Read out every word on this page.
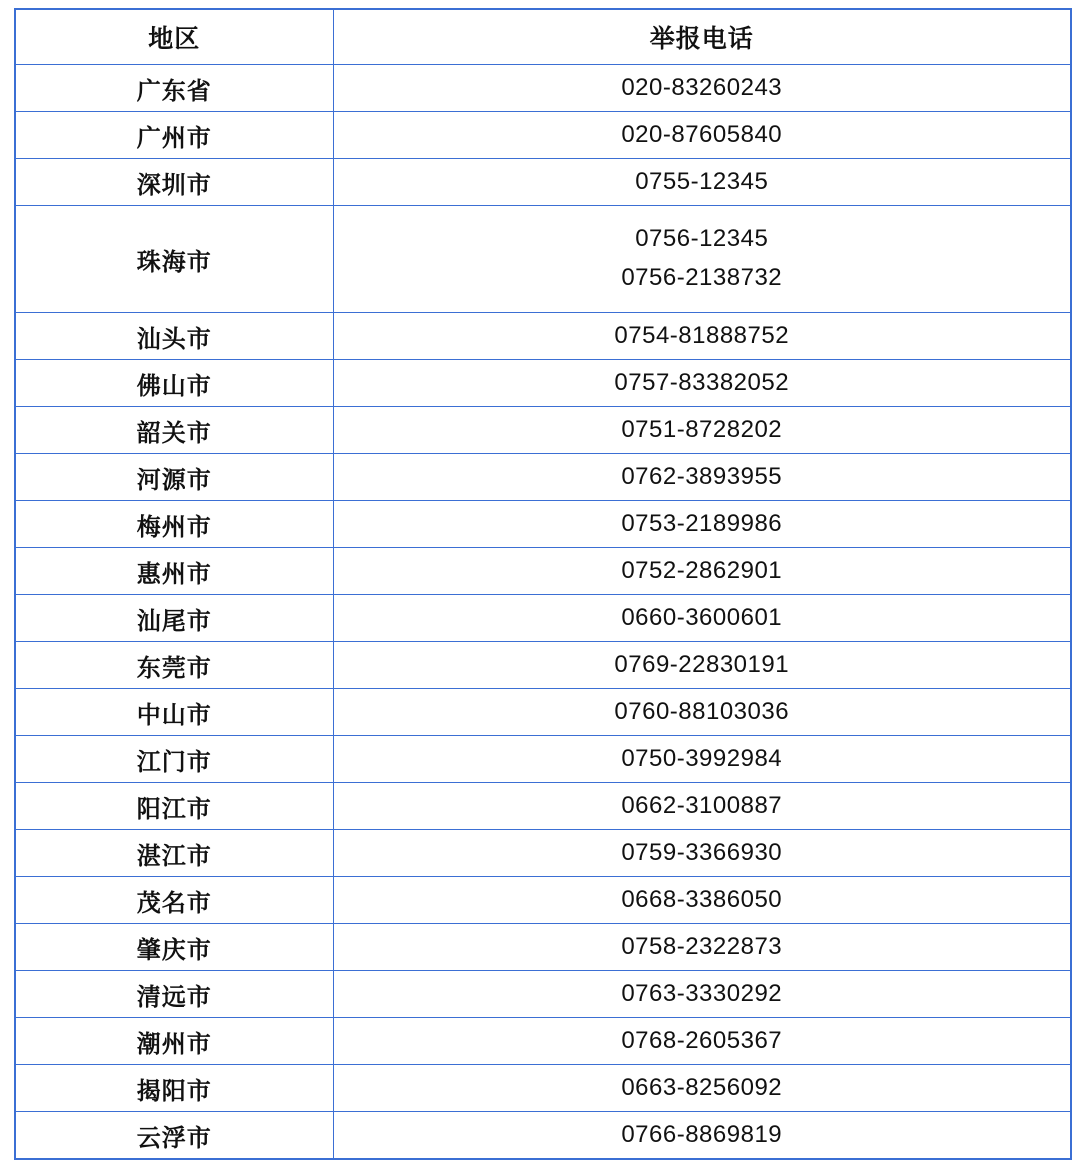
地区	举报电话
广东省	020-83260243
广州市	020-87605840
深圳市	0755-12345
珠海市	0756-12345
0756-2138732

汕头市	0754-81888752
佛山市	0757-83382052
韶关市	0751-8728202
河源市	0762-3893955
梅州市	0753-2189986
惠州市	0752-2862901
汕尾市	0660-3600601
东莞市	0769-22830191
中山市	0760-88103036
江门市	0750-3992984
阳江市	0662-3100887
湛江市	0759-3366930
茂名市	0668-3386050
肇庆市	0758-2322873
清远市	0763-3330292
潮州市	0768-2605367
揭阳市	0663-8256092
云浮市	0766-8869819
